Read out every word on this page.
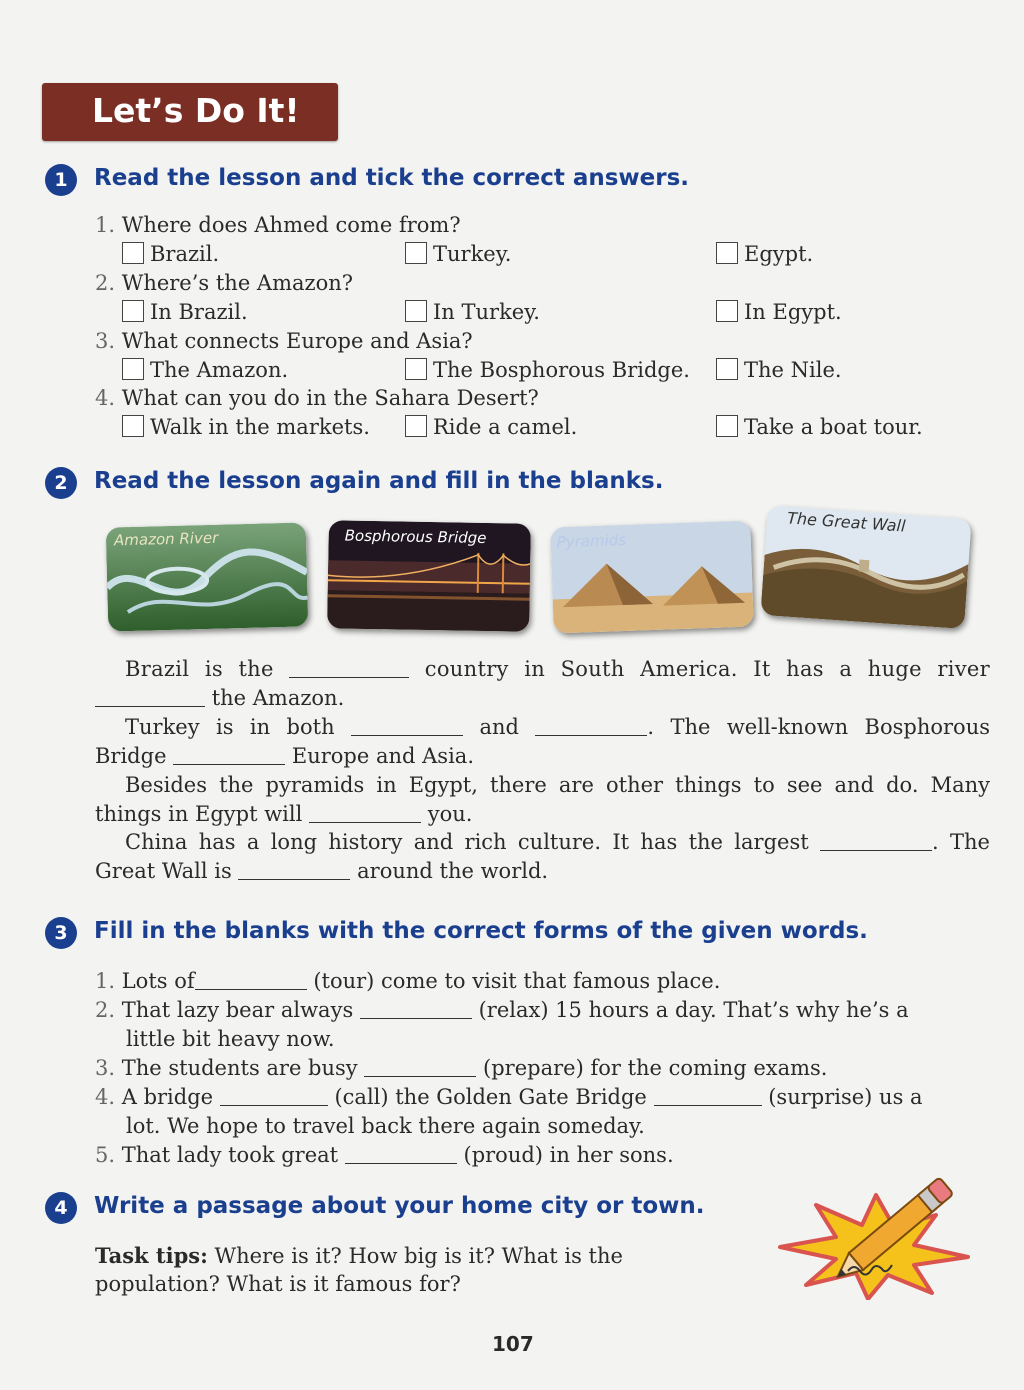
Let’s Do It!
1	Read the lesson and tick the correct answers.
1. Where does Ahmed come from?
Brazil.	Turkey.	Egypt.
2. Where’s the Amazon?
In Brazil.	In Turkey.	In Egypt.
3. What connects Europe and Asia?
The Amazon.	The Bosphorous Bridge.	The Nile.
4. What can you do in the Sahara Desert?
Walk in the markets.	Ride a camel.	Take a boat tour.
2	Read the lesson again and fill in the blanks.
Amazon River	Bosphorous Bridge	Pyramids
The Great Wall
Brazil is the	country in South America. It has a huge river
the Amazon.
Turkey is in both	and	. The well-known Bosphorous
Bridge	Europe and Asia.
Besides the pyramids in Egypt, there are other things to see and do. Many
things in Egypt will	you.
China has a long history and rich culture. It has the largest	. The
Great Wall is	around the world.
3	Fill in the blanks with the correct forms of the given words.
1. Lots of	(tour) come to visit that famous place.
2. That lazy bear always	(relax) 15 hours a day. That’s why he’s a
little bit heavy now.
3. The students are busy	(prepare) for the coming exams.
4. A bridge	(call) the Golden Gate Bridge	(surprise) us a
lot. We hope to travel back there again someday.
5. That lady took great	(proud) in her sons.
4	Write a passage about your home city or town.
Task tips: Where is it? How big is it? What is the
population? What is it famous for?
107
